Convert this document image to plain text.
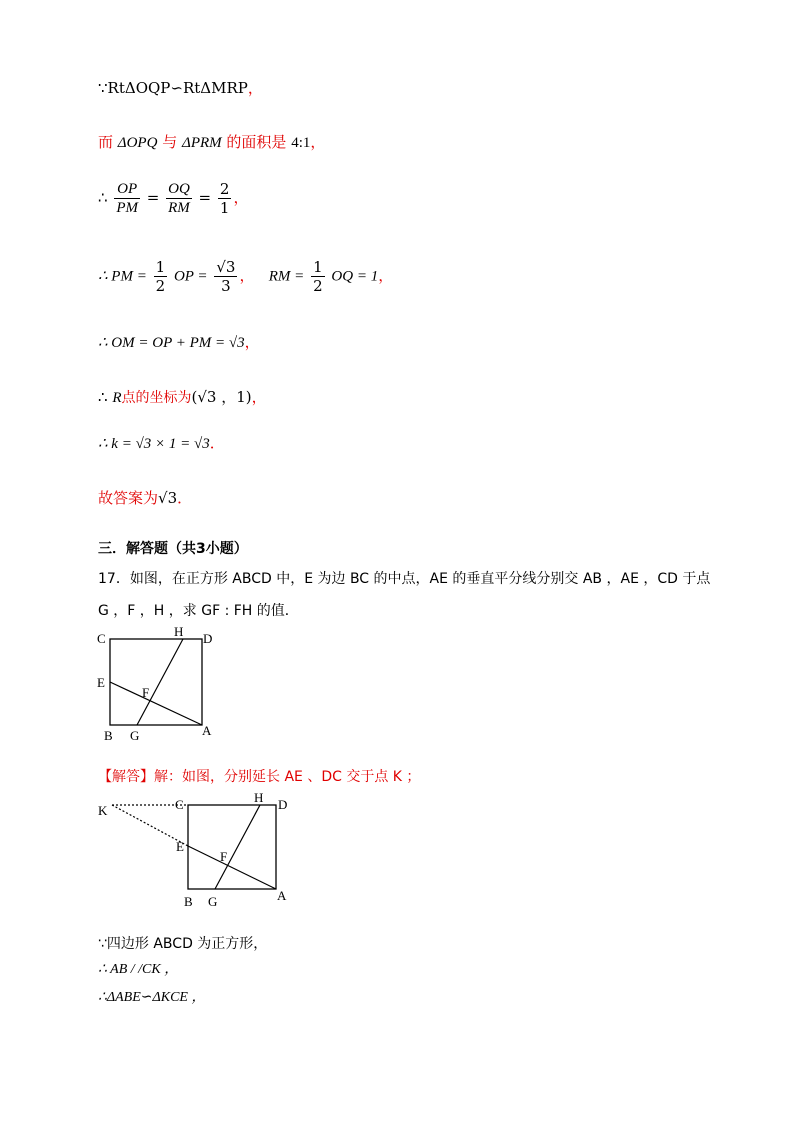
∵RtΔOQP∽RtΔMRP，
而 ΔOPQ 与 ΔPRM 的面积是 4:1，
∴ $\frac{OP}{PM} = \frac{OQ}{RM} = \frac{2}{1}$ ，
∴ PM = $\frac{1}{2}$ OP = $\frac{√3}{3}$ ， RM = $\frac{1}{2}$ OQ = 1，
∴ OM = OP + PM = √3，
∴ R点的坐标为(√3 ，1)，
∴ k = √3 × 1 = √3．
故答案为√3．
三．解答题（共3小题）
17．如图，在正方形 ABCD 中，E 为边 BC 的中点，AE 的垂直平分线分别交 AB ，AE ，CD 于点
G ，F ，H ，求 GF : FH 的值．
C	H D
E
F
B G	A
【解答】解：如图，分别延长 AE 、DC 交于点 K ；
K	C	H D
E
F
B G	A
∵四边形 ABCD 为正方形，
∴ AB / /CK ，
∴ΔABE∽ΔKCE ，
